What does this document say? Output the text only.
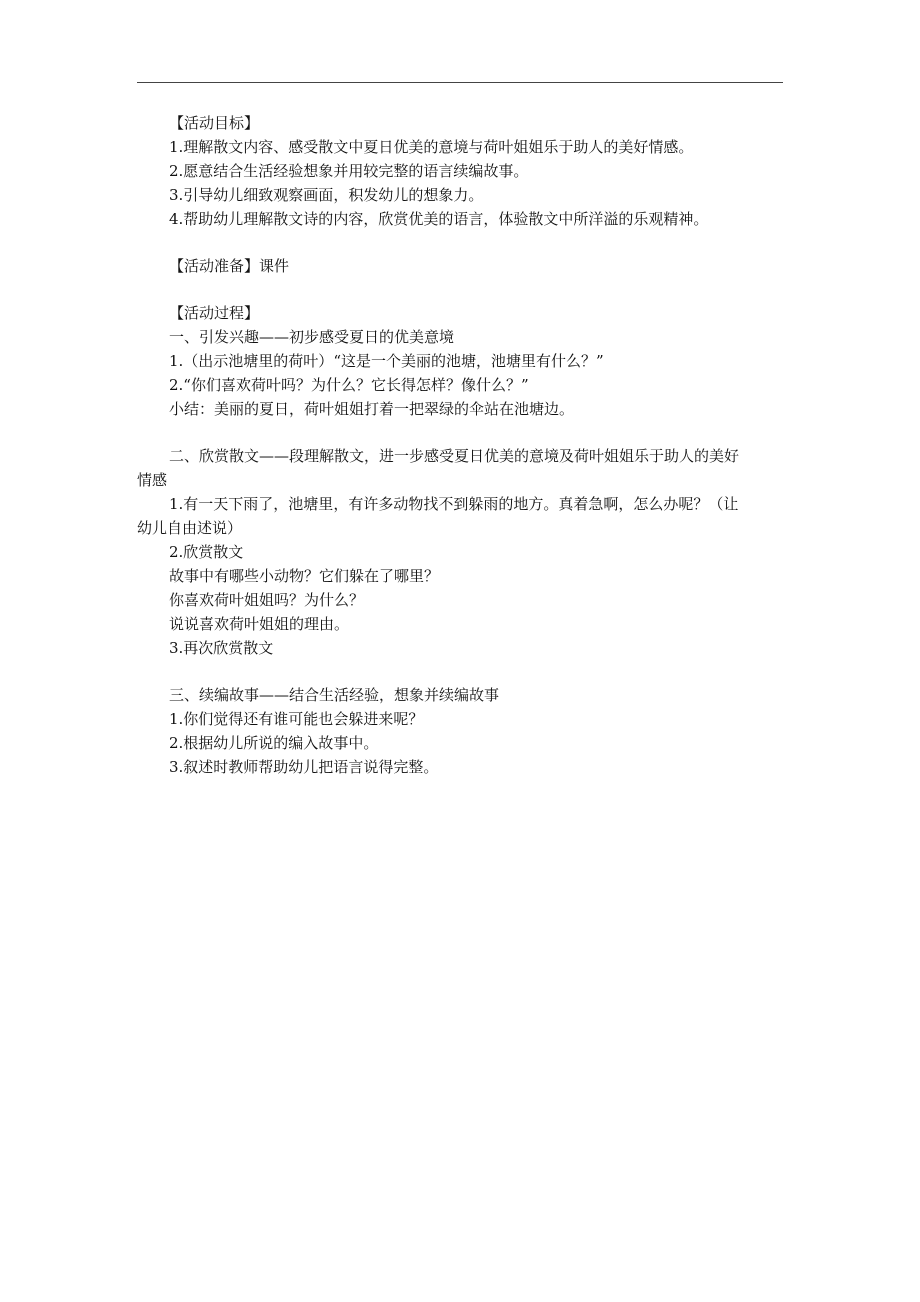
【活动目标】

1.理解散文内容、感受散文中夏日优美的意境与荷叶姐姐乐于助人的美好情感。

2.愿意结合生活经验想象并用较完整的语言续编故事。

3.引导幼儿细致观察画面，积发幼儿的想象力。

4.帮助幼儿理解散文诗的内容，欣赏优美的语言，体验散文中所洋溢的乐观精神。

【活动准备】课件

【活动过程】

一、引发兴趣——初步感受夏日的优美意境

1.（出示池塘里的荷叶）“这是一个美丽的池塘，池塘里有什么？”

2.“你们喜欢荷叶吗？为什么？它长得怎样？像什么？”

小结：美丽的夏日，荷叶姐姐打着一把翠绿的伞站在池塘边。

二、欣赏散文——段理解散文，进一步感受夏日优美的意境及荷叶姐姐乐于助人的美好

情感

1.有一天下雨了，池塘里，有许多动物找不到躲雨的地方。真着急啊，怎么办呢？（让

幼儿自由述说）

2.欣赏散文

故事中有哪些小动物？它们躲在了哪里？

你喜欢荷叶姐姐吗？为什么？

说说喜欢荷叶姐姐的理由。

3.再次欣赏散文

三、续编故事——结合生活经验，想象并续编故事

1.你们觉得还有谁可能也会躲进来呢？

2.根据幼儿所说的编入故事中。

3.叙述时教师帮助幼儿把语言说得完整。
